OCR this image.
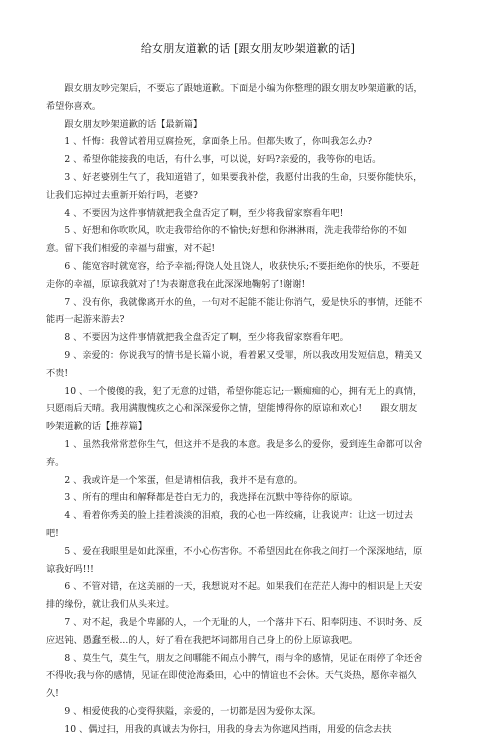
给女朋友道歉的话 [跟女朋友吵架道歉的话]

跟女朋友吵完架后，不要忘了跟她道歉。下面是小编为你整理的跟女朋友吵架道歉的话，希望你喜欢。

跟女朋友吵架道歉的话【最新篇】

1 、忏悔：我曾试着用豆腐捡死，拿面条上吊。但都失败了，你叫我怎么办?

2 、希望你能接我的电话，有什么事，可以说，好吗?亲爱的，我等你的电话。

3 、好老婆别生气了，我知道错了，如果要我补偿，我愿付出我的生命，只要你能快乐，让我们忘掉过去重新开始行吗，老婆?

4 、不要因为这件事情就把我全盘否定了啊，至少将我留家察看年吧!

5 、好想和你吹吹风，吹走我带给你的不愉快;好想和你淋淋雨，洗走我带给你的不如意。留下我们相爱的幸福与甜蜜，对不起!

6 、能宽容时就宽容，给予幸福;得饶人处且饶人，收获快乐;不要拒绝你的快乐，不要赶走你的幸福，原谅我就对了!为表谢意我在此深深地鞠躬了!谢谢!

7 、没有你，我就像离开水的鱼，一句对不起能不能让你消气，爱是快乐的事情，还能不能再一起游来游去?

8 、不要因为这件事情就把我全盘否定了啊，至少将我留家察看年吧。

9 、亲爱的：你说我写的情书是长篇小说，看着累又受罪，所以我改用发短信息，精美又不贵!

10 、一个傻傻的我，犯了无意的过错，希望你能忘记;一颗痴痴的心，拥有无上的真情，只愿雨后天晴。我用满腹愧疚之心和深深爱你之情，望能博得你的原谅和欢心!　　跟女朋友吵架道歉的话【推荐篇】

1 、虽然我常常惹你生气，但这并不是我的本意。我是多么的爱你，爱到连生命都可以舍弃。

2 、我或许是一个笨蛋，但是请相信我，我并不是有意的。

3 、所有的理由和解释都是苍白无力的，我选择在沉默中等待你的原谅。

4 、看着你秀美的脸上挂着淡淡的泪痕，我的心也一阵绞痛，让我说声：让这一切过去吧!

5 、爱在我眼里是如此深重，不小心伤害你。不希望因此在你我之间打一个深深地结，原谅我好吗!!!

6 、不管对错，在这美丽的一天，我想说对不起。如果我们在茫茫人海中的相识是上天安排的缘份，就让我们从头来过。

7 、对不起，我是个卑鄙的人，一个无耻的人，一个落井下石、阳奉阴违、不识时务、反应迟钝、愚蠢至极...的人，好了看在我把坏词都用自己身上的份上原谅我吧。

8 、莫生气，莫生气，朋友之间哪能不闹点小脾气，雨与伞的感情，见证在雨停了伞还舍不得收;我与你的感情，见证在即使沧海桑田，心中的情谊也不会休。天气炎热，愿你幸福久久!

9 、相爱使我的心变得狭隘，亲爱的，一切都是因为爱你太深。

10 、偶过扫，用我的真诚去为你扫，用我的身去为你遮风挡雨，用爱的信念去扶
